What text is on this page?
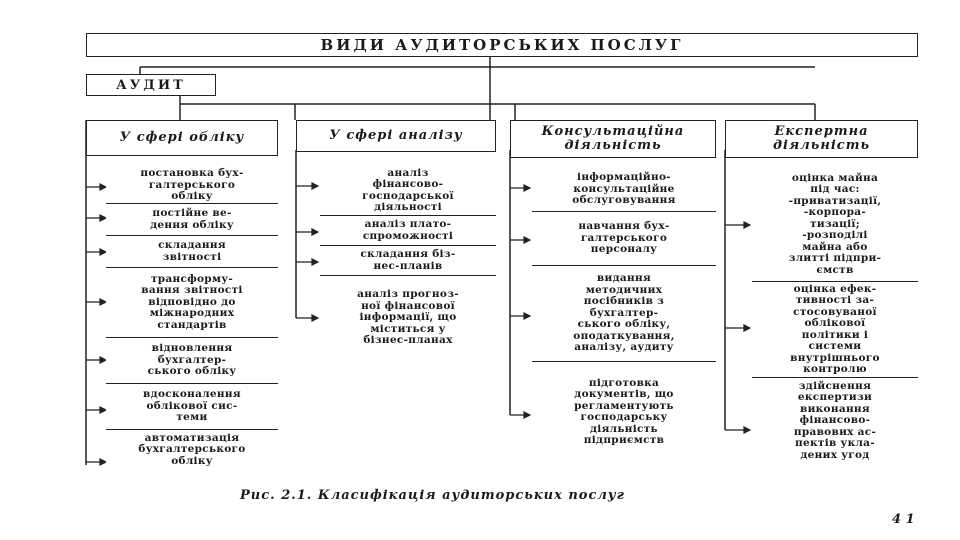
ВИДИ АУДИТОРСЬКИХ ПОСЛУГ
АУДИТ
У сфері обліку
постановка бух-
галтерського
обліку
постійне ве-
дення обліку
складання
звітності
трансформу-
вання звітності
відповідно до
міжнародних
стандартів
відновлення
бухгалтер-
ського обліку
вдосконалення
облікової сис-
теми
автоматизація
бухгалтерського
обліку
У сфері аналізу
аналіз
фінансово-
господарської
діяльності
аналіз плато-
спроможності
складання біз-
нес-планів
аналіз прогноз-
ної фінансової
інформації, що
міститься у
бізнес-планах
Консультаційна
діяльність
інформаційно-
консультаційне
обслуговування
навчання бух-
галтерського
персоналу
видання
методичних
посібників з
бухгалтер-
ського обліку,
оподаткування,
аналізу, аудиту
підготовка
документів, що
регламентують
господарську
діяльність
підприємств
Експертна
діяльність
оцінка майна
під час:
-приватизації,
-корпора-
тизації;
-розподілі
майна або
злитті підпри-
ємств
оцінка ефек-
тивності за-
стосовуваної
облікової
політики і
системи
внутрішнього
контролю
здійснення
експертизи
виконання
фінансово-
правових ас-
пектів укла-
дених угод
Рис. 2.1. Класифікація аудиторських послуг
4 1
